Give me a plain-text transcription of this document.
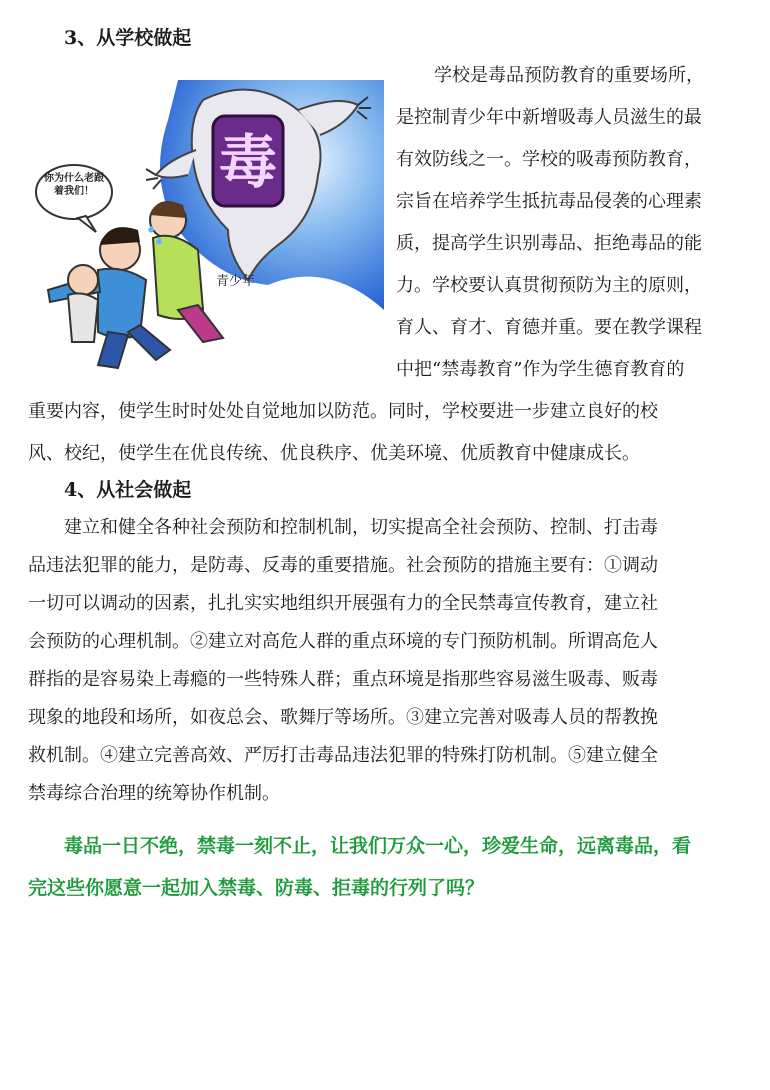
3、从学校做起

毒
你为什么老跟着我们！
青少年

学校是毒品预防教育的重要场所，

是控制青少年中新增吸毒人员滋生的最

有效防线之一。学校的吸毒预防教育，

宗旨在培养学生抵抗毒品侵袭的心理素

质，提高学生识别毒品、拒绝毒品的能

力。学校要认真贯彻预防为主的原则，

育人、育才、育德并重。要在教学课程

中把“禁毒教育”作为学生德育教育的

重要内容，使学生时时处处自觉地加以防范。同时，学校要进一步建立良好的校

风、校纪，使学生在优良传统、优良秩序、优美环境、优质教育中健康成长。

4、从社会做起

建立和健全各种社会预防和控制机制，切实提高全社会预防、控制、打击毒

品违法犯罪的能力，是防毒、反毒的重要措施。社会预防的措施主要有：①调动

一切可以调动的因素，扎扎实实地组织开展强有力的全民禁毒宣传教育，建立社

会预防的心理机制。②建立对高危人群的重点环境的专门预防机制。所谓高危人

群指的是容易染上毒瘾的一些特殊人群；重点环境是指那些容易滋生吸毒、贩毒

现象的地段和场所，如夜总会、歌舞厅等场所。③建立完善对吸毒人员的帮教挽

救机制。④建立完善高效、严厉打击毒品违法犯罪的特殊打防机制。⑤建立健全

禁毒综合治理的统筹协作机制。

毒品一日不绝，禁毒一刻不止，让我们万众一心，珍爱生命，远离毒品，看

完这些你愿意一起加入禁毒、防毒、拒毒的行列了吗？
